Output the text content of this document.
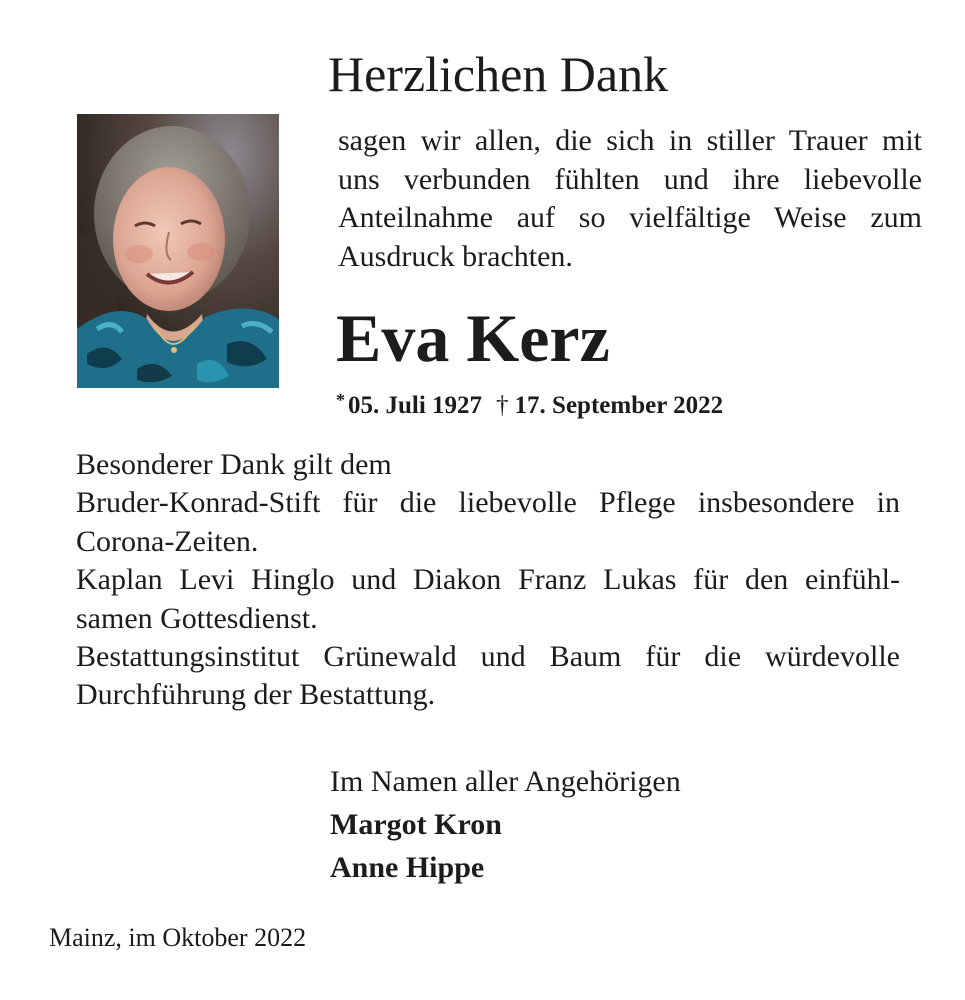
Herzlichen Dank

sagen wir allen, die sich in stiller Trauer mit
uns verbunden fühlten und ihre liebevolle
Anteilnahme auf so vielfältige Weise zum
Ausdruck brachten.

Eva Kerz
* 05. Juli 1927 † 17. September 2022
Besonderer Dank gilt dem
Bruder-Konrad-Stift für die liebevolle Pflege insbesondere in
Corona-Zeiten.
Kaplan Levi Hinglo und Diakon Franz Lukas für den einfühl-
samen Gottesdienst.
Bestattungsinstitut Grünewald und Baum für die würdevolle
Durchführung der Bestattung.
Im Namen aller Angehörigen
Margot Kron
Anne Hippe
Mainz, im Oktober 2022
